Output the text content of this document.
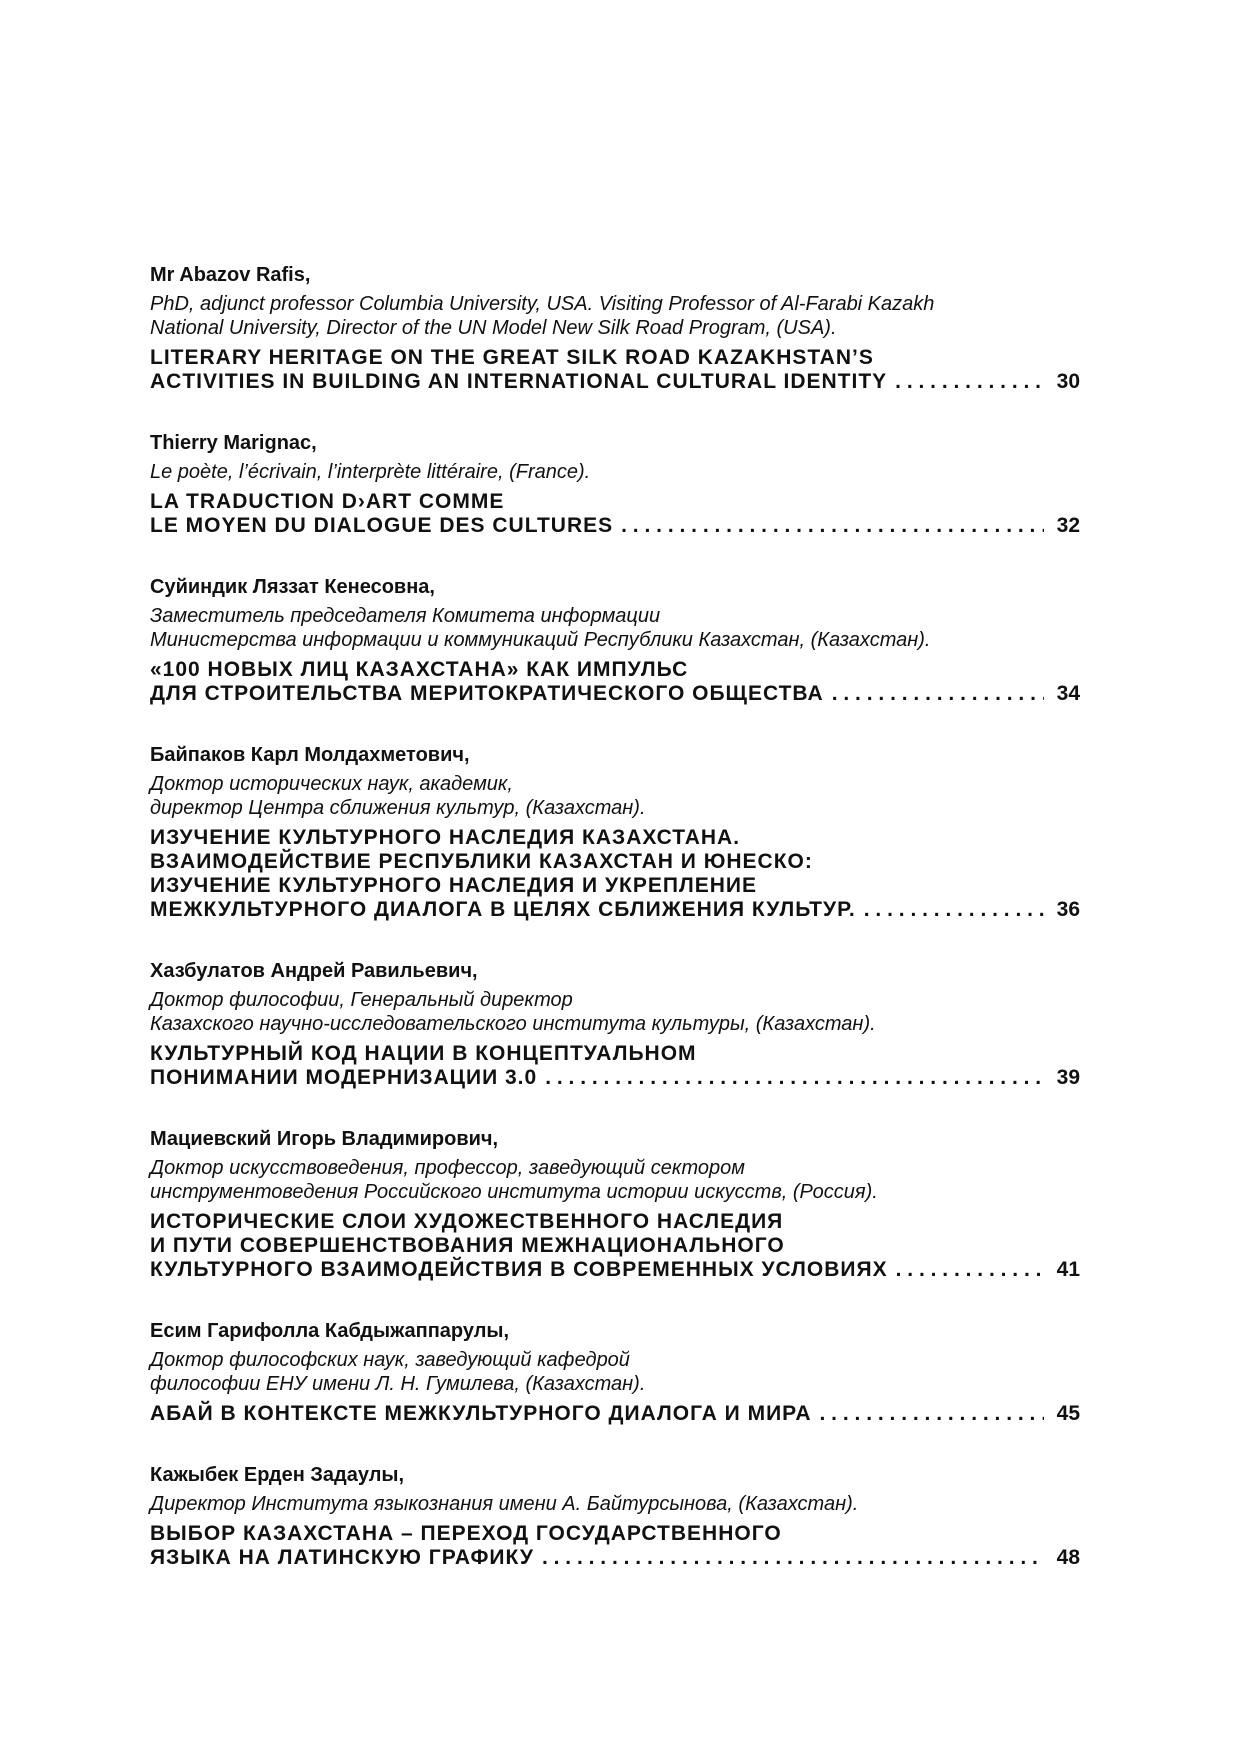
Mr Abazov Rafis,
PhD, adjunct professor Columbia University, USA. Visiting Professor of Al-Farabi Kazakh
National University, Director of the UN Model New Silk Road Program, (USA).
LITERARY HERITAGE ON THE GREAT SILK ROAD KAZAKHSTAN’S
ACTIVITIES IN BUILDING AN INTERNATIONAL CULTURAL IDENTITY . . .	30
Thierry Marignac,
Le poète, l’écrivain, l’interprète littéraire, (France).
LA TRADUCTION D›ART COMME
LE MOYEN DU DIALOGUE DES CULTURES . . .	32
Суйиндик Ляззат Кенесовна,
Заместитель председателя Комитета информации
Министерства информации и коммуникаций Республики Казахстан, (Казахстан).
«100 НОВЫХ ЛИЦ КАЗАХСТАНА» КАК ИМПУЛЬС
ДЛЯ СТРОИТЕЛЬСТВА МЕРИТОКРАТИЧЕСКОГО ОБЩЕСТВА . . .	34
Байпаков Карл Молдахметович,
Доктор исторических наук, академик,
директор Центра сближения культур, (Казахстан).
ИЗУЧЕНИЕ КУЛЬТУРНОГО НАСЛЕДИЯ КАЗАХСТАНА.
ВЗАИМОДЕЙСТВИЕ РЕСПУБЛИКИ КАЗАХСТАН И ЮНЕСКО:
ИЗУЧЕНИЕ КУЛЬТУРНОГО НАСЛЕДИЯ И УКРЕПЛЕНИЕ
МЕЖКУЛЬТУРНОГО ДИАЛОГА В ЦЕЛЯХ СБЛИЖЕНИЯ КУЛЬТУР. . . .	36
Хазбулатов Андрей Равильевич,
Доктор философии, Генеральный директор
Казахского научно-исследовательского института культуры, (Казахстан).
КУЛЬТУРНЫЙ КОД НАЦИИ В КОНЦЕПТУАЛЬНОМ
ПОНИМАНИИ МОДЕРНИЗАЦИИ 3.0 . . .	39
Мациевский Игорь Владимирович,
Доктор искусствоведения, профессор, заведующий сектором
инструментоведения Российского института истории искусств, (Россия).
ИСТОРИЧЕСКИЕ СЛОИ ХУДОЖЕСТВЕННОГО НАСЛЕДИЯ
И ПУТИ СОВЕРШЕНСТВОВАНИЯ МЕЖНАЦИОНАЛЬНОГО
КУЛЬТУРНОГО ВЗАИМОДЕЙСТВИЯ В СОВРЕМЕННЫХ УСЛОВИЯХ . . .	41
Есим Гарифолла Кабдыжаппарулы,
Доктор философских наук, заведующий кафедрой
философии ЕНУ имени Л. Н. Гумилева, (Казахстан).
АБАЙ В КОНТЕКСТЕ МЕЖКУЛЬТУРНОГО ДИАЛОГА И МИРА . . .	45
Кажыбек Ерден Задаулы,
Директор Института языкознания имени А. Байтурсынова, (Казахстан).
ВЫБОР КАЗАХСТАНА – ПЕРЕХОД ГОСУДАРСТВЕННОГО
ЯЗЫКА НА ЛАТИНСКУЮ ГРАФИКУ . . .	48
